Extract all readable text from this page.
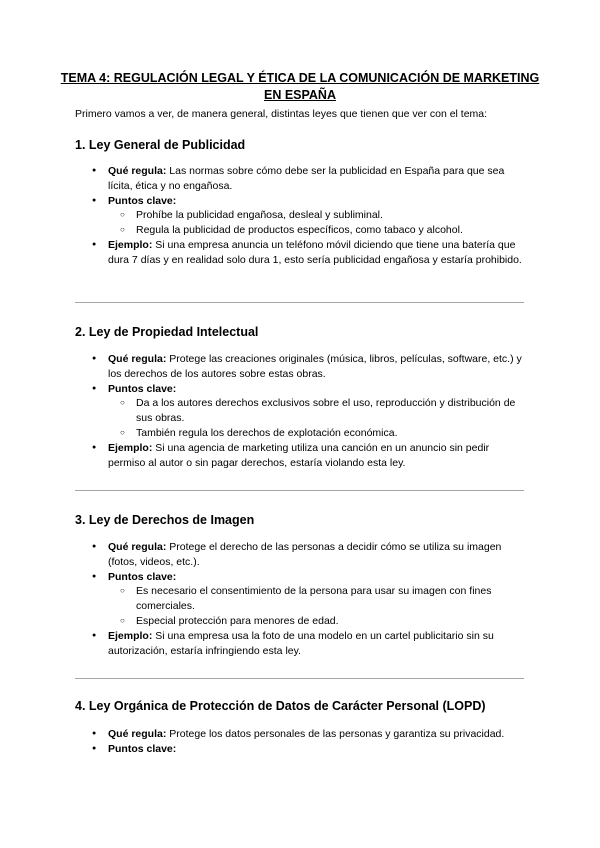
TEMA 4: REGULACIÓN LEGAL Y ÉTICA DE LA COMUNICACIÓN DE MARKETING EN ESPAÑA
Primero vamos a ver, de manera general, distintas leyes que tienen que ver con el tema:
1. Ley General de Publicidad
● Qué regula: Las normas sobre cómo debe ser la publicidad en España para que sea lícita, ética y no engañosa.
● Puntos clave:
○ Prohíbe la publicidad engañosa, desleal y subliminal.
○ Regula la publicidad de productos específicos, como tabaco y alcohol.
● Ejemplo: Si una empresa anuncia un teléfono móvil diciendo que tiene una batería que dura 7 días y en realidad solo dura 1, esto sería publicidad engañosa y estaría prohibido.
2. Ley de Propiedad Intelectual
● Qué regula: Protege las creaciones originales (música, libros, películas, software, etc.) y los derechos de los autores sobre estas obras.
● Puntos clave:
○ Da a los autores derechos exclusivos sobre el uso, reproducción y distribución de sus obras.
○ También regula los derechos de explotación económica.
● Ejemplo: Si una agencia de marketing utiliza una canción en un anuncio sin pedir permiso al autor o sin pagar derechos, estaría violando esta ley.
3. Ley de Derechos de Imagen
● Qué regula: Protege el derecho de las personas a decidir cómo se utiliza su imagen (fotos, videos, etc.).
● Puntos clave:
○ Es necesario el consentimiento de la persona para usar su imagen con fines comerciales.
○ Especial protección para menores de edad.
● Ejemplo: Si una empresa usa la foto de una modelo en un cartel publicitario sin su autorización, estaría infringiendo esta ley.
4. Ley Orgánica de Protección de Datos de Carácter Personal (LOPD)
● Qué regula: Protege los datos personales de las personas y garantiza su privacidad.
● Puntos clave:
